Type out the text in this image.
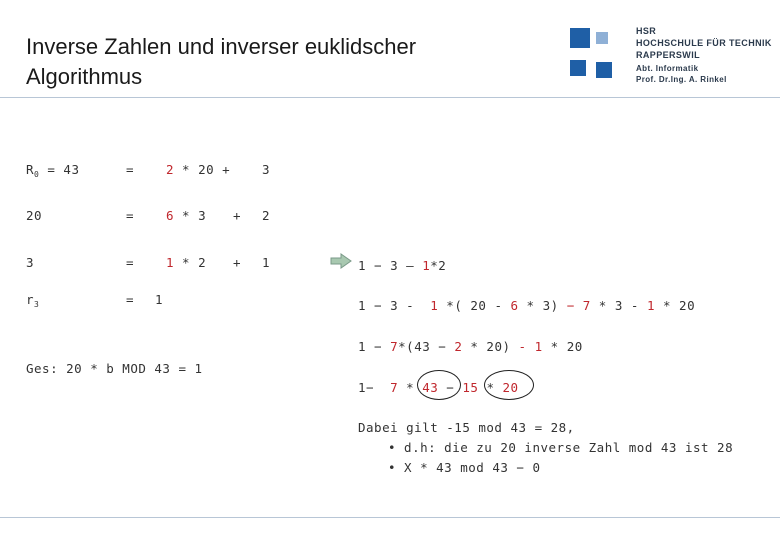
Inverse Zahlen und inverser euklidscher
Algorithmus
HSR
HOCHSCHULE FÜR TECHNIK
RAPPERSWIL
Abt. Informatik
Prof. Dr.Ing. A. Rinkel
$R_0 = 43$	=	2 * 20 +	3
20	=	6 * 3 + 2
3	=	1 * 2 + 1
$r_3$	= 1
Ges: 20 * b MOD 43 = 1
1 − 3 – 1*2
1 − 3 -  1 *( 20 - 6 * 3) − 7 * 3 - 1 * 20
1 − 7*(43 − 2 * 20) - 1 * 20
1−  7 * 43 − 15 * 20
Dabei gilt -15 mod 43 = 28,
• d.h: die zu 20 inverse Zahl mod 43 ist 28
• X * 43 mod 43 − 0
